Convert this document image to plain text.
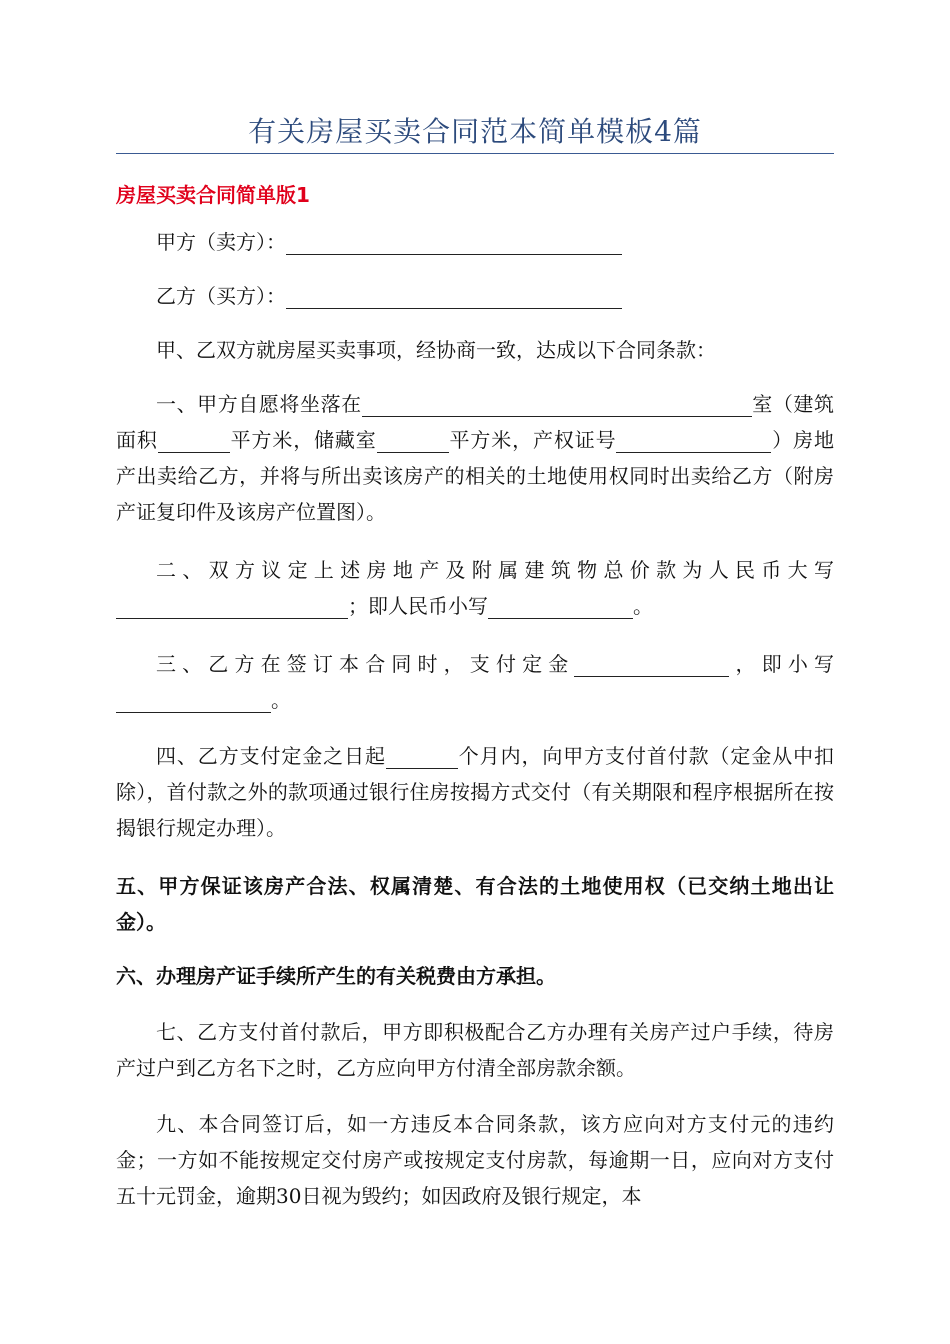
有关房屋买卖合同范本简单模板4篇
房屋买卖合同简单版1
甲方（卖方）：
乙方（买方）：
甲、乙双方就房屋买卖事项，经协商一致，达成以下合同条款：
一、甲方自愿将坐落在	室（建筑面积	平方米，储藏室	平方米，产权证号	）房地产出卖给乙方，并将与所出卖该房产的相关的土地使用权同时出卖给乙方（附房产证复印件及该房产位置图）。
二、双方议定上述房地产及附属建筑物总价款为人民币大写；即人民币小写	。
三、乙方在签订本合同时，支付定金	，即小写。
四、乙方支付定金之日起	个月内，向甲方支付首付款（定金从中扣除），首付款之外的款项通过银行住房按揭方式交付（有关期限和程序根据所在按揭银行规定办理）。
五、甲方保证该房产合法、权属清楚、有合法的土地使用权（已交纳土地出让金）。
六、办理房产证手续所产生的有关税费由方承担。
七、乙方支付首付款后，甲方即积极配合乙方办理有关房产过户手续，待房产过户到乙方名下之时，乙方应向甲方付清全部房款余额。
九、本合同签订后，如一方违反本合同条款，该方应向对方支付元的违约金；一方如不能按规定交付房产或按规定支付房款，每逾期一日，应向对方支付五十元罚金，逾期30日视为毁约；如因政府及银行规定，本
